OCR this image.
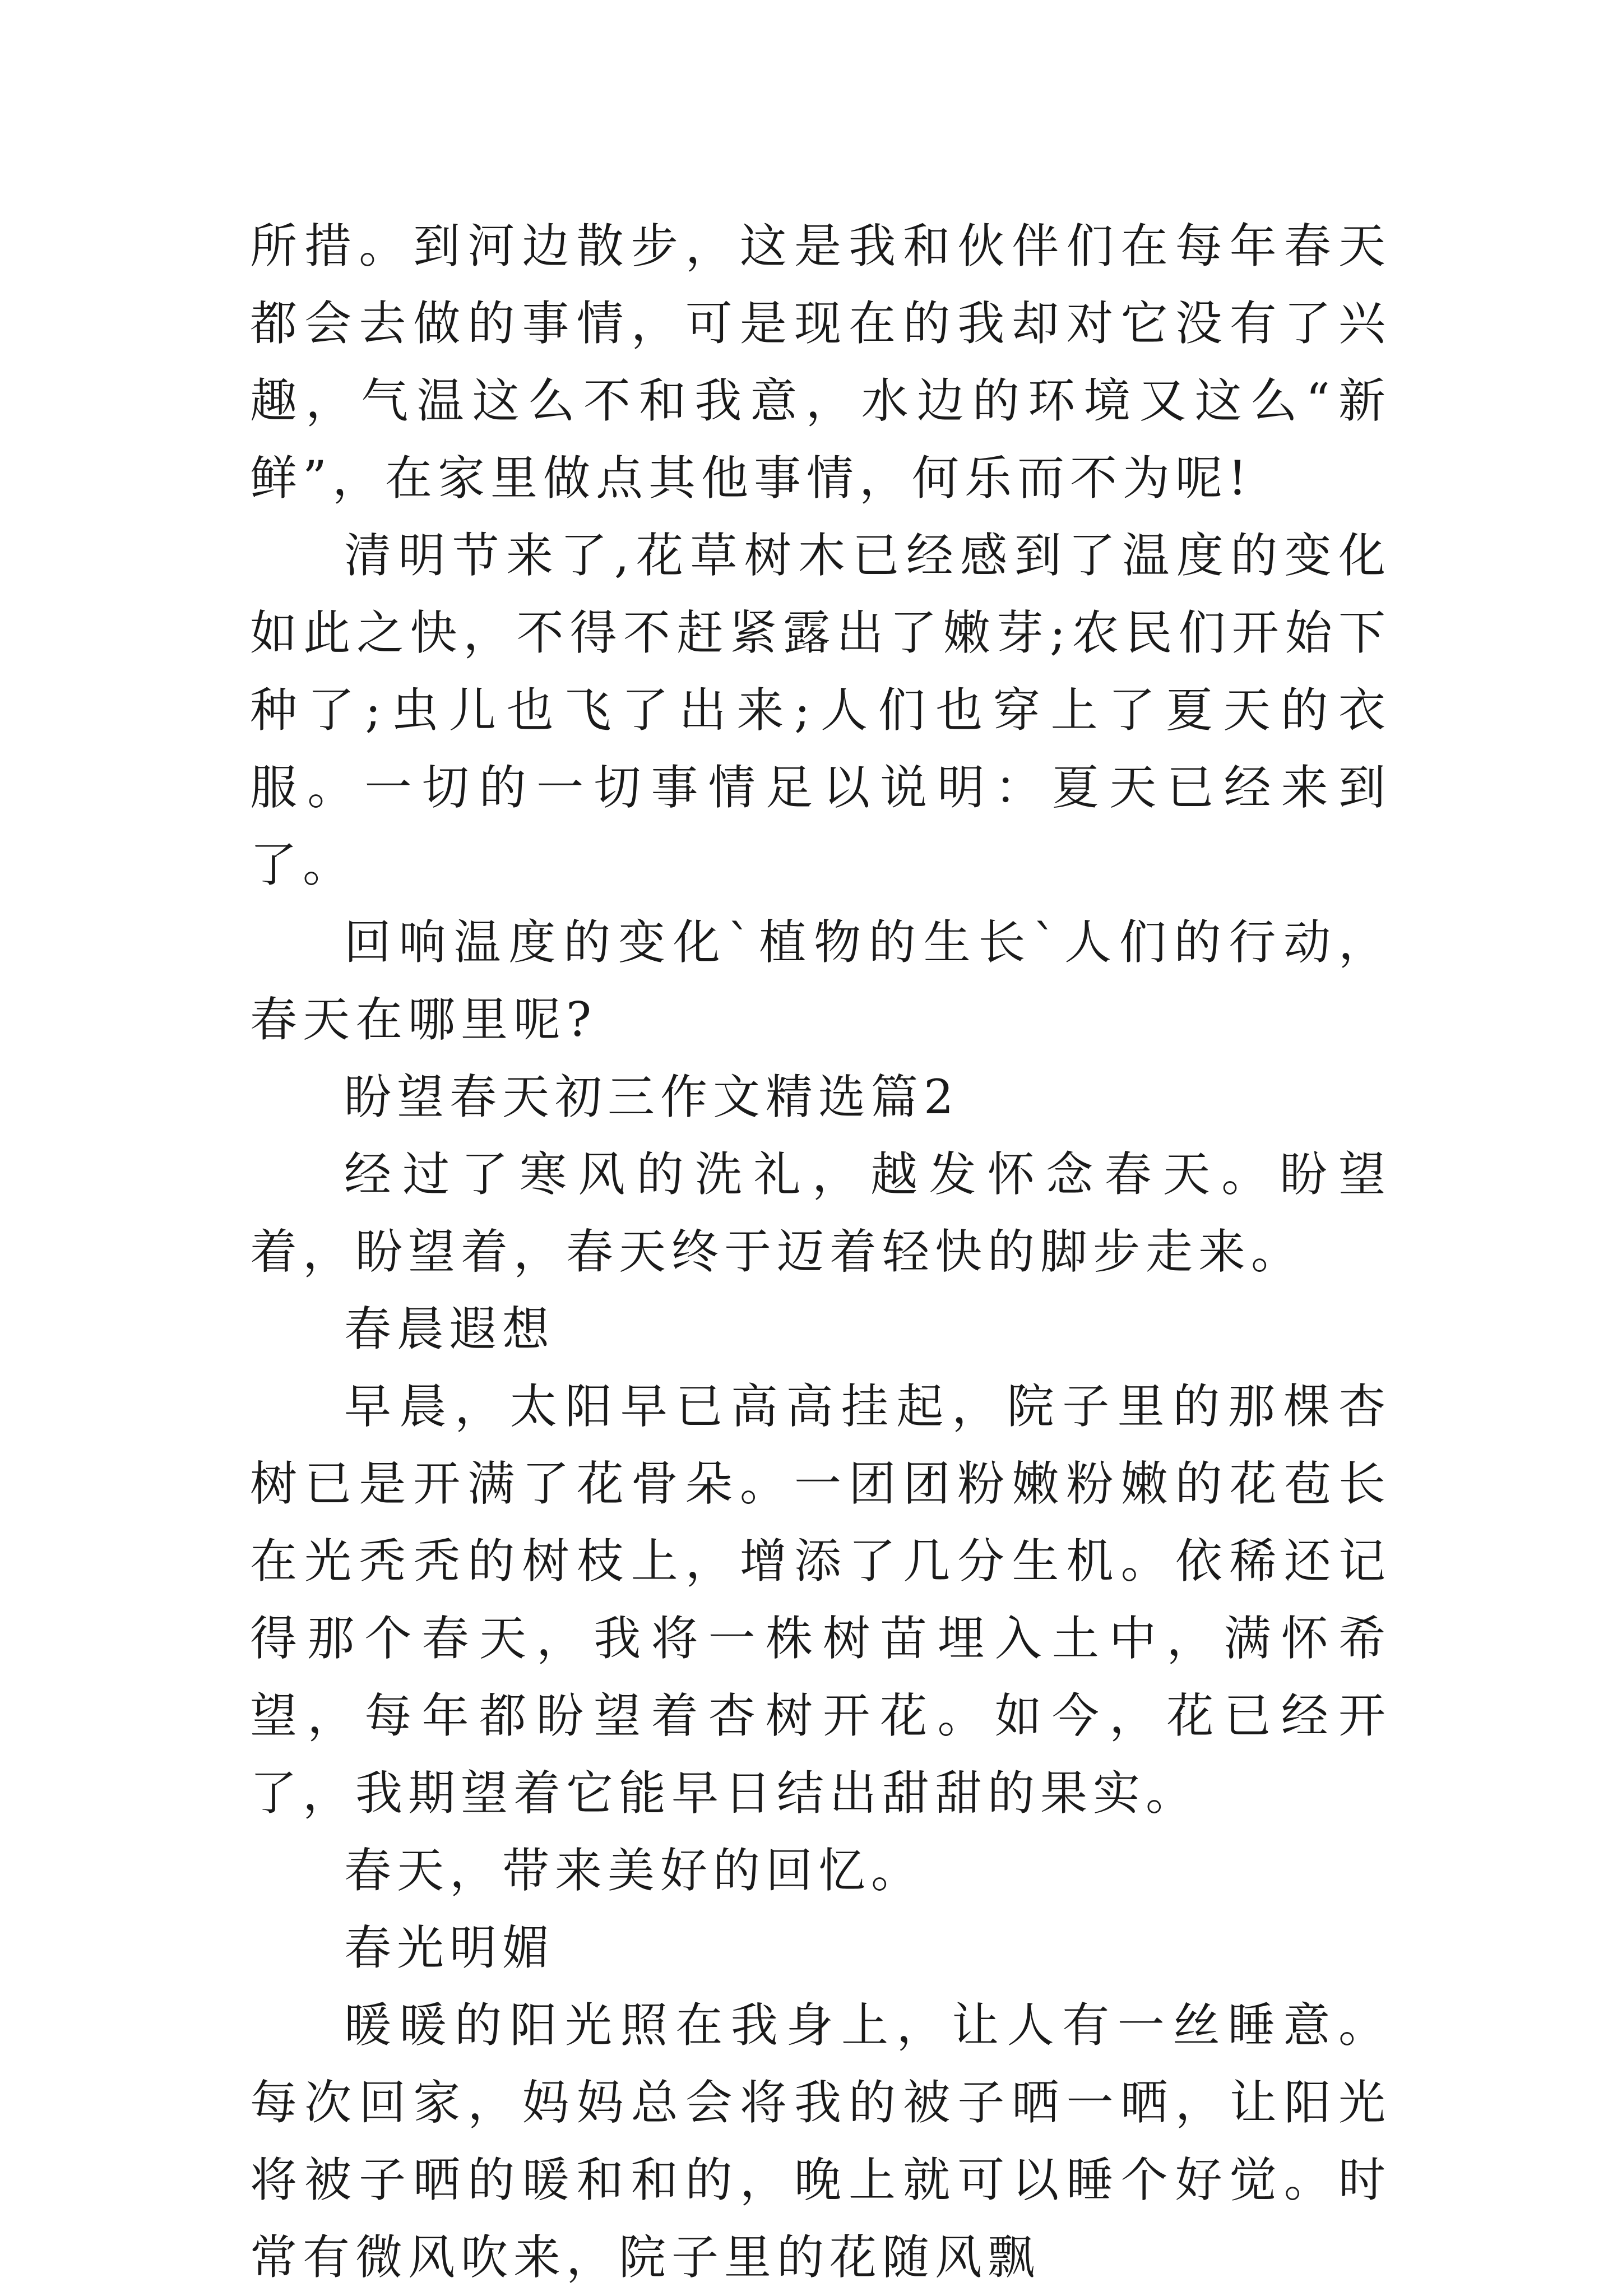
所措。到河边散步，这是我和伙伴们在每年春天都会去做的事情，可是现在的我却对它没有了兴趣，气温这么不和我意，水边的环境又这么“新鲜”，在家里做点其他事情，何乐而不为呢!

清明节来了,花草树木已经感到了温度的变化如此之快，不得不赶紧露出了嫩芽;农民们开始下种了;虫儿也飞了出来;人们也穿上了夏天的衣服。一切的一切事情足以说明：夏天已经来到了。

回响温度的变化`植物的生长`人们的行动，春天在哪里呢?

盼望春天初三作文精选篇2

经过了寒风的洗礼，越发怀念春天。盼望着，盼望着，春天终于迈着轻快的脚步走来。

春晨遐想

早晨，太阳早已高高挂起，院子里的那棵杏树已是开满了花骨朵。一团团粉嫩粉嫩的花苞长在光秃秃的树枝上，增添了几分生机。依稀还记得那个春天，我将一株树苗埋入土中，满怀希望，每年都盼望着杏树开花。如今，花已经开了，我期望着它能早日结出甜甜的果实。

春天，带来美好的回忆。

春光明媚

暖暖的阳光照在我身上，让人有一丝睡意。每次回家，妈妈总会将我的被子晒一晒，让阳光将被子晒的暖和和的，晚上就可以睡个好觉。时常有微风吹来，院子里的花随风飘
